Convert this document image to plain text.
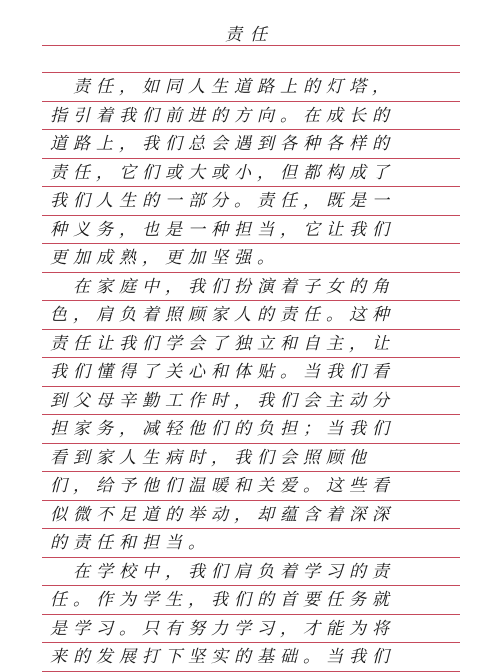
责任
　责任，如同人生道路上的灯塔，
指引着我们前进的方向。在成长的
道路上，我们总会遇到各种各样的
责任，它们或大或小，但都构成了
我们人生的一部分。责任，既是一
种义务，也是一种担当，它让我们
更加成熟，更加坚强。
　在家庭中，我们扮演着子女的角
色，肩负着照顾家人的责任。这种
责任让我们学会了独立和自主，让
我们懂得了关心和体贴。当我们看
到父母辛勤工作时，我们会主动分
担家务，减轻他们的负担；当我们
看到家人生病时，我们会照顾他
们，给予他们温暖和关爱。这些看
似微不足道的举动，却蕴含着深深
的责任和担当。
　在学校中，我们肩负着学习的责
任。作为学生，我们的首要任务就
是学习。只有努力学习，才能为将
来的发展打下坚实的基础。当我们
